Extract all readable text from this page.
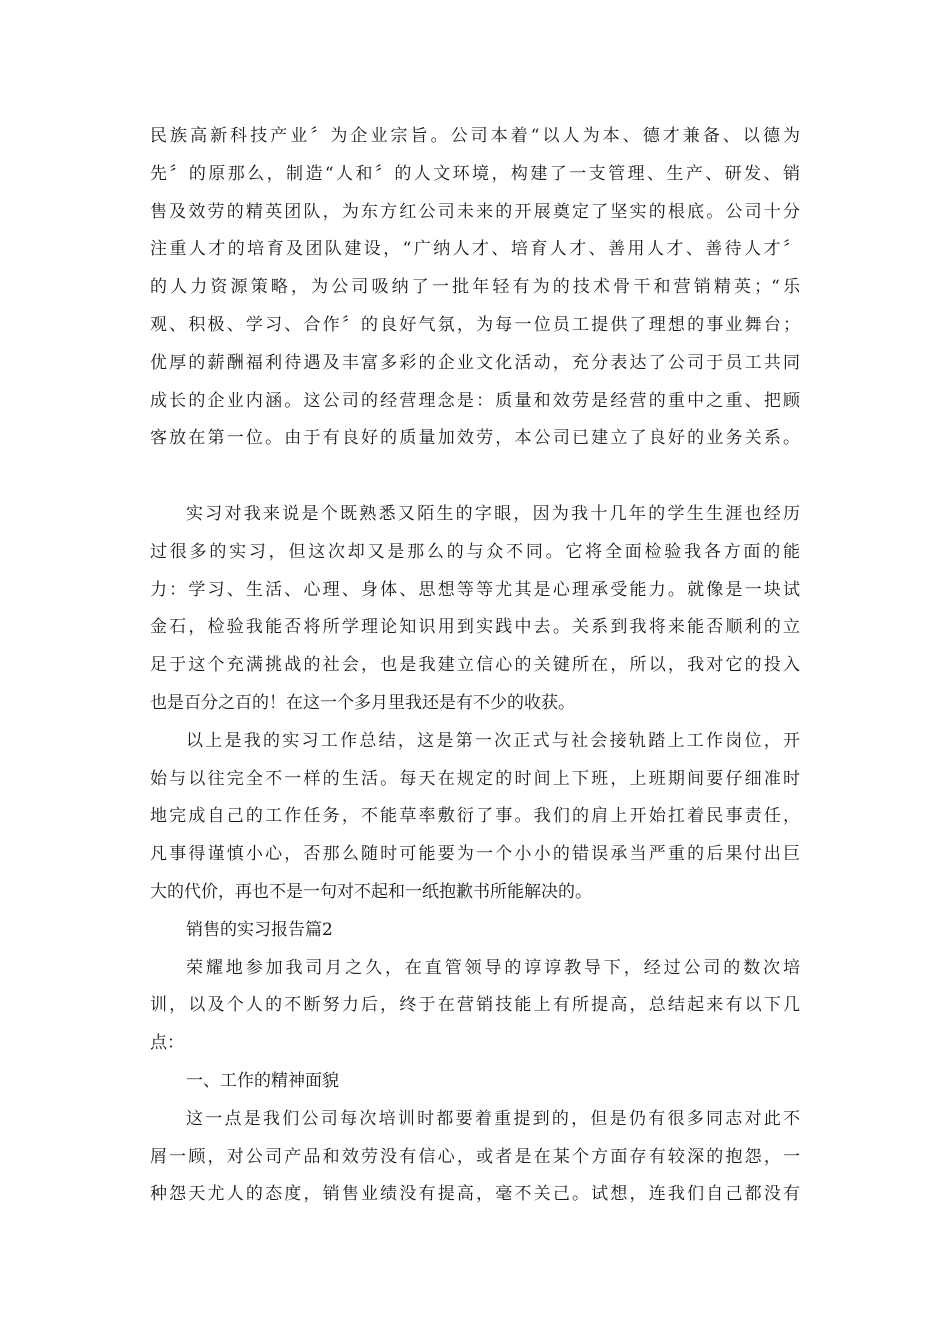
民族高新科技产业〞为企业宗旨。公司本着“以人为本、德才兼备、以德为
先〞的原那么，制造“人和〞的人文环境，构建了一支管理、生产、研发、销
售及效劳的精英团队，为东方红公司未来的开展奠定了坚实的根底。公司十分
注重人才的培育及团队建设，“广纳人才、培育人才、善用人才、善待人才〞
的人力资源策略，为公司吸纳了一批年轻有为的技术骨干和营销精英；“乐
观、积极、学习、合作〞的良好气氛，为每一位员工提供了理想的事业舞台；
优厚的薪酬福利待遇及丰富多彩的企业文化活动，充分表达了公司于员工共同
成长的企业内涵。这公司的经营理念是：质量和效劳是经营的重中之重、把顾
客放在第一位。由于有良好的质量加效劳，本公司已建立了良好的业务关系。
实习对我来说是个既熟悉又陌生的字眼，因为我十几年的学生生涯也经历
过很多的实习，但这次却又是那么的与众不同。它将全面检验我各方面的能
力：学习、生活、心理、身体、思想等等尤其是心理承受能力。就像是一块试
金石，检验我能否将所学理论知识用到实践中去。关系到我将来能否顺利的立
足于这个充满挑战的社会，也是我建立信心的关键所在，所以，我对它的投入
也是百分之百的！在这一个多月里我还是有不少的收获。
以上是我的实习工作总结，这是第一次正式与社会接轨踏上工作岗位，开
始与以往完全不一样的生活。每天在规定的时间上下班，上班期间要仔细准时
地完成自己的工作任务，不能草率敷衍了事。我们的肩上开始扛着民事责任，
凡事得谨慎小心，否那么随时可能要为一个小小的错误承当严重的后果付出巨
大的代价，再也不是一句对不起和一纸抱歉书所能解决的。
销售的实习报告篇2
荣耀地参加我司月之久，在直管领导的谆谆教导下，经过公司的数次培
训，以及个人的不断努力后，终于在营销技能上有所提高，总结起来有以下几
点：
一、工作的精神面貌
这一点是我们公司每次培训时都要着重提到的，但是仍有很多同志对此不
屑一顾，对公司产品和效劳没有信心，或者是在某个方面存有较深的抱怨，一
种怨天尤人的态度，销售业绩没有提高，毫不关己。试想，连我们自己都没有
